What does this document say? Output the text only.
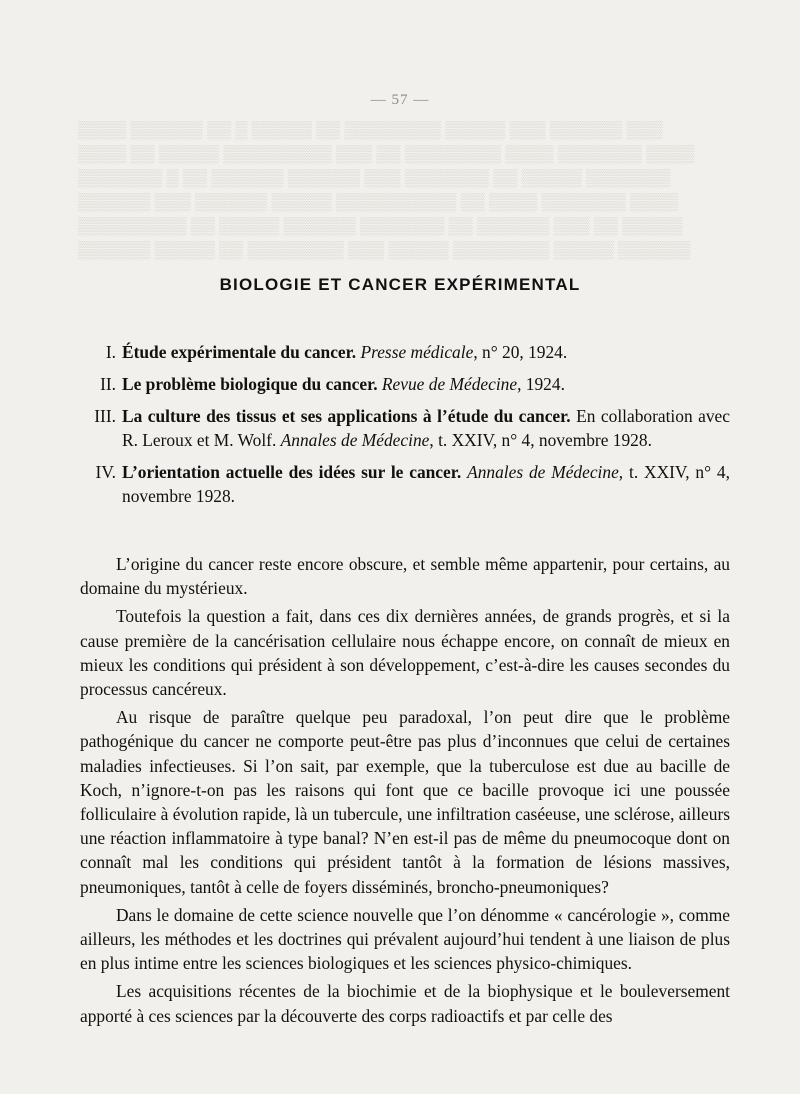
▒▒▒▒ ▒▒▒▒▒▒ ▒▒ ▒ ▒▒▒▒▒ ▒▒ ▒▒▒▒▒▒▒▒ ▒▒▒▒▒ ▒▒▒ ▒▒▒▒▒▒ ▒▒▒
▒▒▒▒ ▒▒ ▒▒▒▒▒ ▒▒▒▒▒▒▒▒▒ ▒▒▒ ▒▒ ▒▒▒▒▒▒▒▒ ▒▒▒▒ ▒▒▒▒▒▒▒ ▒▒▒▒
▒▒▒▒▒▒▒ ▒ ▒▒ ▒▒▒▒▒▒ ▒▒▒▒▒▒ ▒▒▒ ▒▒▒▒▒▒▒ ▒▒ ▒▒▒▒▒ ▒▒▒▒▒▒▒
▒▒▒▒▒▒ ▒▒▒ ▒▒▒▒▒▒ ▒▒▒▒▒ ▒▒▒▒▒▒▒▒▒▒ ▒▒ ▒▒▒▒ ▒▒▒▒▒▒▒ ▒▒▒▒
▒▒▒▒▒▒▒▒▒ ▒▒ ▒▒▒▒▒ ▒▒▒▒▒▒ ▒▒▒▒▒▒▒ ▒▒ ▒▒▒▒▒▒ ▒▒▒ ▒▒ ▒▒▒▒▒
▒▒▒▒▒▒ ▒▒▒▒▒ ▒▒ ▒▒▒▒▒▒▒▒ ▒▒▒ ▒▒▒▒▒ ▒▒▒▒▒▒▒▒ ▒▒▒▒▒ ▒▒▒▒▒▒
— 57 —
BIOLOGIE ET CANCER EXPÉRIMENTAL
I. Étude expérimentale du cancer. Presse médicale, n° 20, 1924.
II. Le problème biologique du cancer. Revue de Médecine, 1924.
III. La culture des tissus et ses applications à l’étude du cancer. En collaboration avec R. Leroux et M. Wolf. Annales de Médecine, t. XXIV, n° 4, novembre 1928.
IV. L’orientation actuelle des idées sur le cancer. Annales de Médecine, t. XXIV, n° 4, novembre 1928.

L’origine du cancer reste encore obscure, et semble même appartenir, pour certains, au domaine du mystérieux.

Toutefois la question a fait, dans ces dix dernières années, de grands progrès, et si la cause première de la cancérisation cellulaire nous échappe encore, on connaît de mieux en mieux les conditions qui président à son développement, c’est-à-dire les causes secondes du processus cancéreux.

Au risque de paraître quelque peu paradoxal, l’on peut dire que le problème pathogénique du cancer ne comporte peut-être pas plus d’inconnues que celui de certaines maladies infectieuses. Si l’on sait, par exemple, que la tuberculose est due au bacille de Koch, n’ignore-t-on pas les raisons qui font que ce bacille provoque ici une poussée folliculaire à évolution rapide, là un tubercule, une infiltration caséeuse, une sclérose, ailleurs une réaction inflammatoire à type banal? N’en est-il pas de même du pneumocoque dont on connaît mal les conditions qui président tantôt à la formation de lésions massives, pneumoniques, tantôt à celle de foyers disséminés, broncho-pneumoniques?

Dans le domaine de cette science nouvelle que l’on dénomme « cancérologie », comme ailleurs, les méthodes et les doctrines qui prévalent aujourd’hui tendent à une liaison de plus en plus intime entre les sciences biologiques et les sciences physico-chimiques.

Les acquisitions récentes de la biochimie et de la biophysique et le bouleversement apporté à ces sciences par la découverte des corps radioactifs et par celle des
